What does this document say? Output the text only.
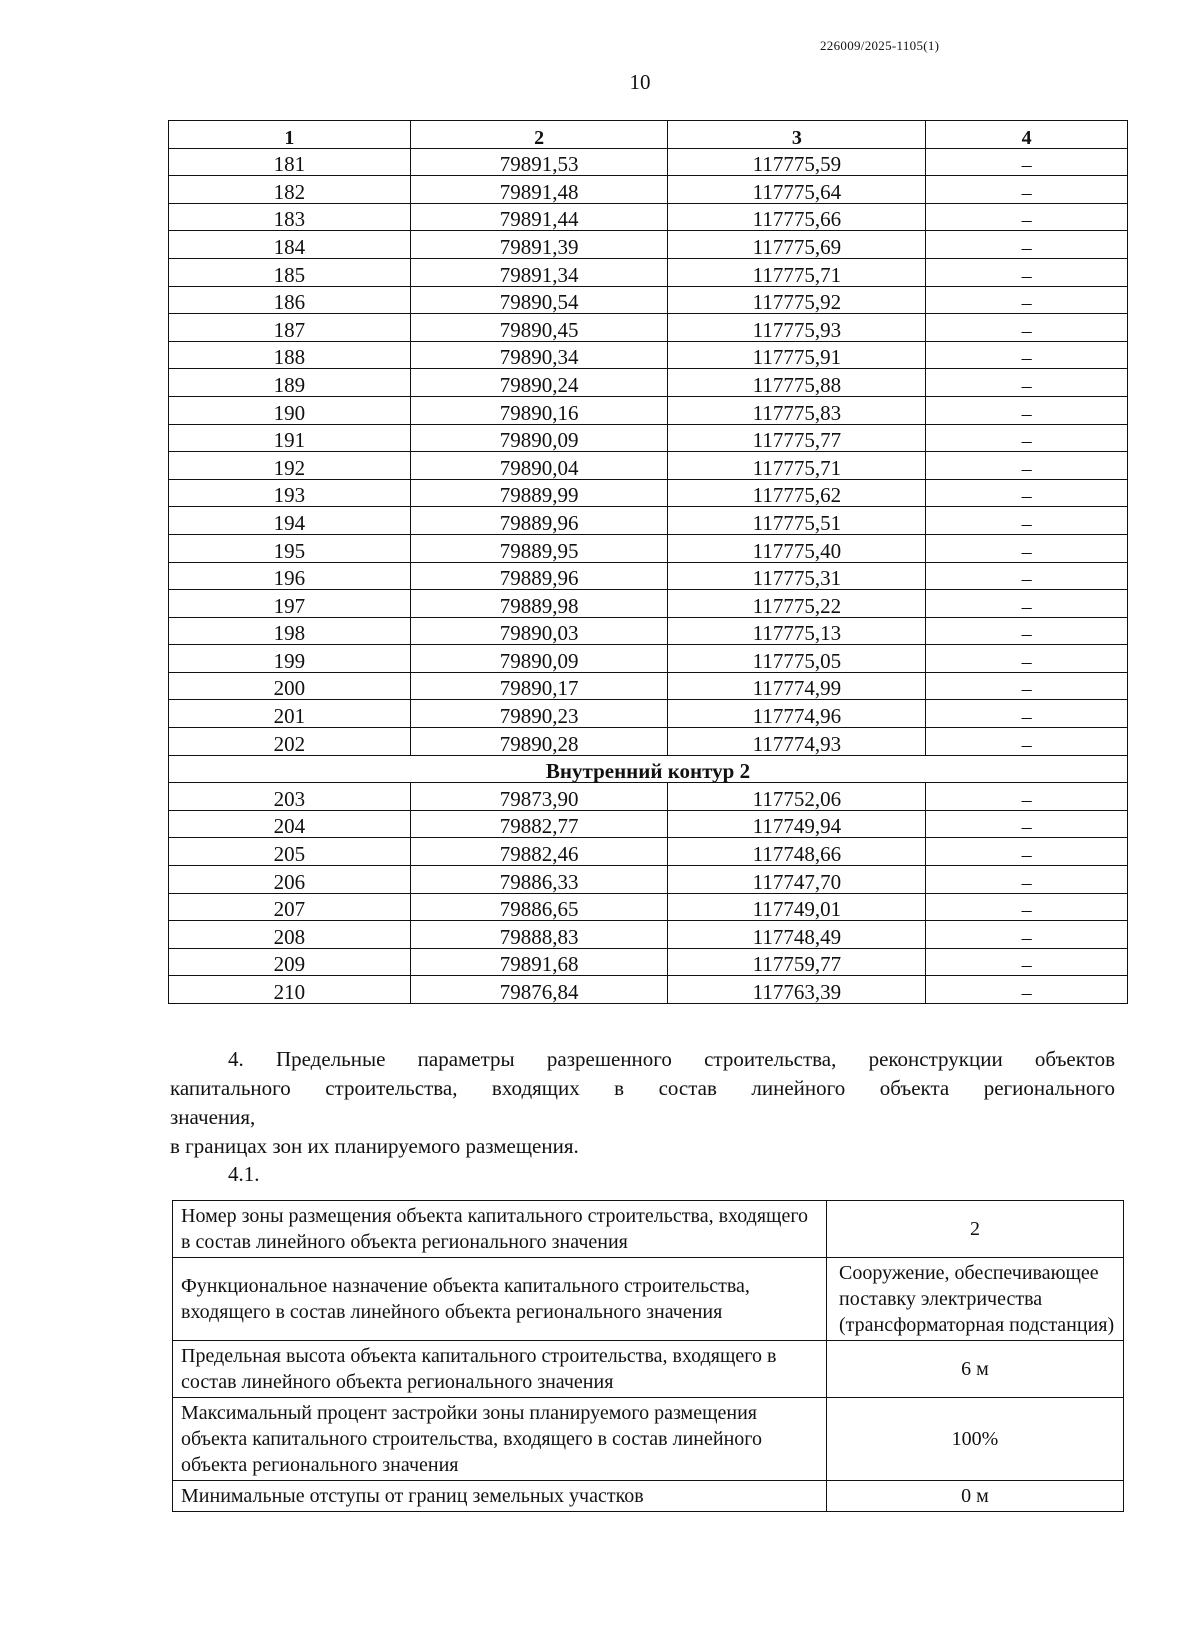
226009/2025-1105(1)
10
1	2	3	4
181	79891,53	117775,59	–
182	79891,48	117775,64	–
183	79891,44	117775,66	–
184	79891,39	117775,69	–
185	79891,34	117775,71	–
186	79890,54	117775,92	–
187	79890,45	117775,93	–
188	79890,34	117775,91	–
189	79890,24	117775,88	–
190	79890,16	117775,83	–
191	79890,09	117775,77	–
192	79890,04	117775,71	–
193	79889,99	117775,62	–
194	79889,96	117775,51	–
195	79889,95	117775,40	–
196	79889,96	117775,31	–
197	79889,98	117775,22	–
198	79890,03	117775,13	–
199	79890,09	117775,05	–
200	79890,17	117774,99	–
201	79890,23	117774,96	–
202	79890,28	117774,93	–
Внутренний контур 2			
203	79873,90	117752,06	–
204	79882,77	117749,94	–
205	79882,46	117748,66	–
206	79886,33	117747,70	–
207	79886,65	117749,01	–
208	79888,83	117748,49	–
209	79891,68	117759,77	–
210	79876,84	117763,39	–
4. Предельные параметры разрешенного строительства, реконструкции объектов
капитального строительства, входящих в состав линейного объекта регионального
значения,
в границах зон их планируемого размещения.
4.1.
Номер зоны размещения объекта капитального строительства, входящего в состав линейного объекта регионального значения	2
Функциональное назначение объекта капитального строительства, входящего в состав линейного объекта регионального значения	Сооружение, обеспечивающее поставку электричества (трансформаторная подстанция)
Предельная высота объекта капитального строительства, входящего в состав линейного объекта регионального значения	6 м
Максимальный процент застройки зоны планируемого размещения объекта капитального строительства, входящего в состав линейного объекта регионального значения	100%
Минимальные отступы от границ земельных участков	0 м
